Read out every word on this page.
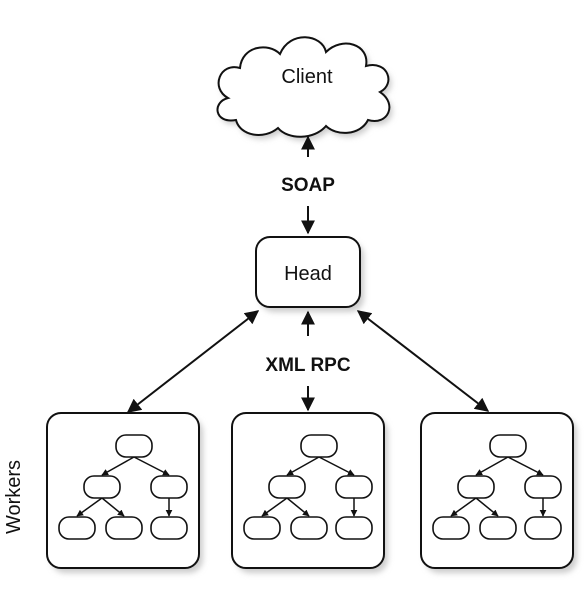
Client
Head
SOAP
XML RPC
Workers
